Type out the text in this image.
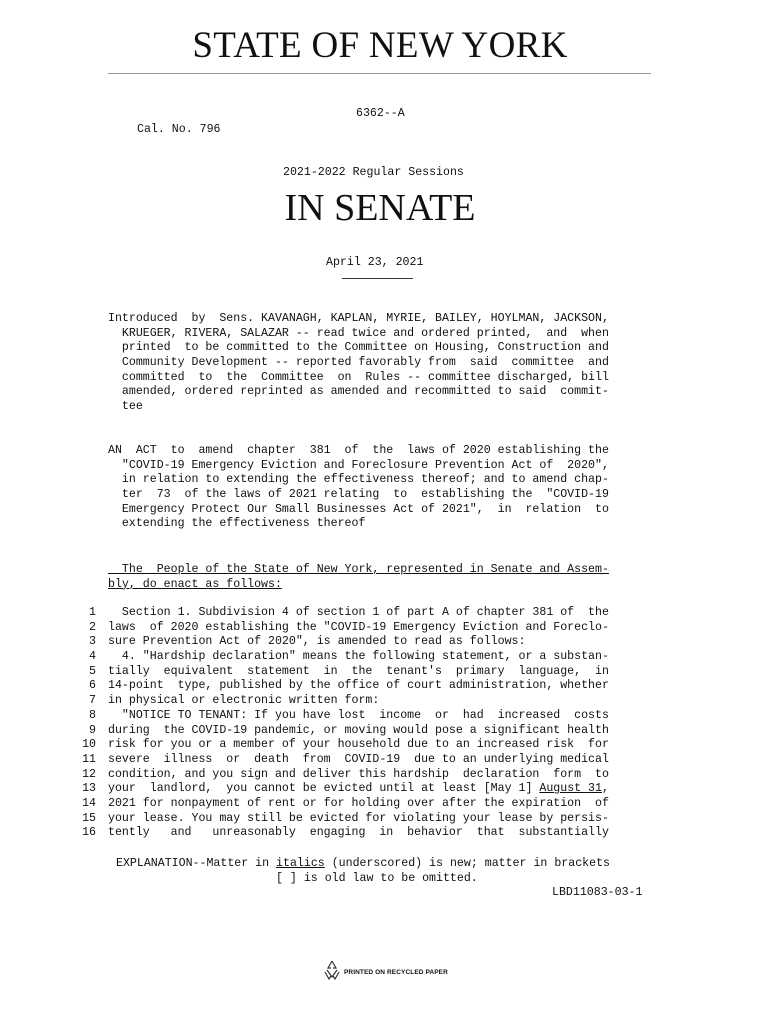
STATE OF NEW YORK
6362--A
Cal. No. 796
2021-2022 Regular Sessions
IN SENATE
April 23, 2021
Introduced  by  Sens. KAVANAGH, KAPLAN, MYRIE, BAILEY, HOYLMAN, JACKSON,
KRUEGER, RIVERA, SALAZAR -- read twice and ordered printed,  and  when
printed  to be committed to the Committee on Housing, Construction and
Community Development -- reported favorably from  said  committee  and
committed  to  the  Committee  on  Rules -- committee discharged, bill
amended, ordered reprinted as amended and recommitted to said  commit-
tee
AN  ACT  to  amend  chapter  381  of  the  laws of 2020 establishing the
"COVID-19 Emergency Eviction and Foreclosure Prevention Act of  2020",
in relation to extending the effectiveness thereof; and to amend chap-
ter  73  of the laws of 2021 relating  to  establishing the  "COVID-19
Emergency Protect Our Small Businesses Act of 2021",  in  relation  to
extending the effectiveness thereof
The  People of the State of New York, represented in Senate and Assem-
bly, do enact as follows:
1 Section 1. Subdivision 4 of section 1 of part A of chapter 381 of  the
2 laws  of 2020 establishing the "COVID-19 Emergency Eviction and Foreclo-
3 sure Prevention Act of 2020", is amended to read as follows:
4 4. "Hardship declaration" means the following statement, or a substan-
5 tially  equivalent  statement  in  the  tenant's  primary  language,  in
6 14-point  type, published by the office of court administration, whether
7 in physical or electronic written form:
8 "NOTICE TO TENANT: If you have lost  income  or  had  increased  costs
9 during  the COVID-19 pandemic, or moving would pose a significant health
10 risk for you or a member of your household due to an increased risk  for
11 severe  illness  or  death  from  COVID-19  due to an underlying medical
12 condition, and you sign and deliver this hardship  declaration  form  to
13 your  landlord,  you cannot be evicted until at least [May 1] August 31 ,
14 2021 for nonpayment of rent or for holding over after the expiration  of
15 your lease. You may still be evicted for violating your lease by persis-
16 tently   and   unreasonably  engaging  in  behavior  that  substantially
EXPLANATION--Matter in italics (underscored) is new; matter in brackets
[ ] is old law to be omitted.
LBD11083-03-1

PRINTED ON RECYCLED PAPER
